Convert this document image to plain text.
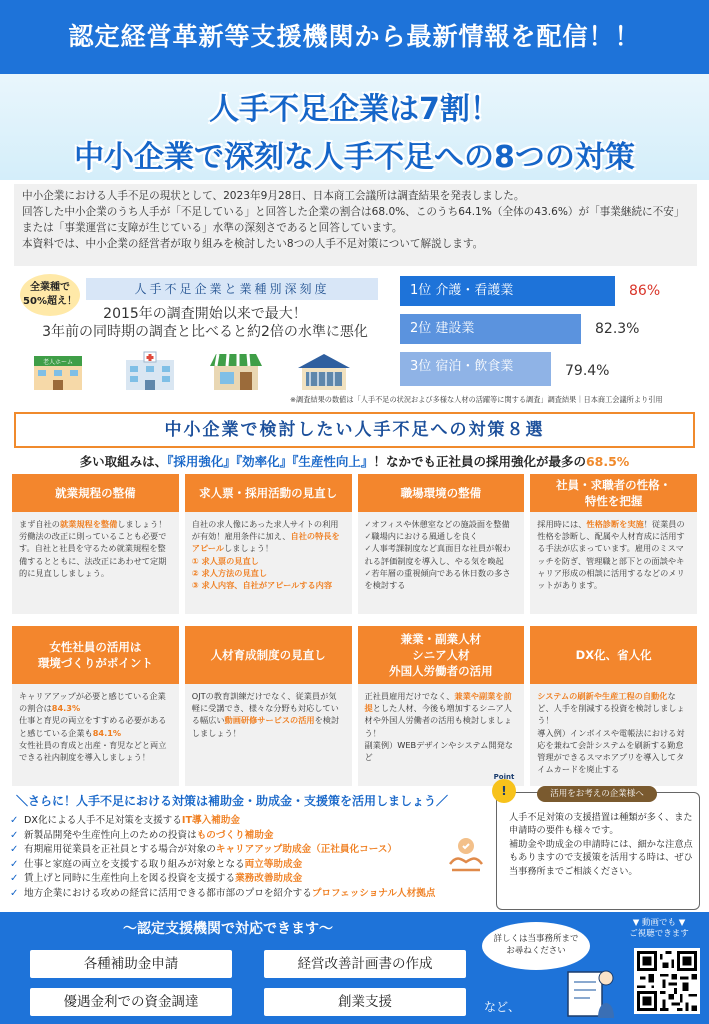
認定経営革新等支援機関から最新情報を配信！！
人手不足企業は7割！
中小企業で深刻な人手不足への8つの対策

中小企業における人手不足の現状として、2023年9月28日、日本商工会議所は調査結果を発表しました。

回答した中小企業のうち人手が「不足している」と回答した企業の割合は68.0%、このうち64.1%（全体の43.6%）が「事業継続に不安」または「事業運営に支障が生じている」水準の深刻さであると回答しています。

本資料では、中小企業の経営者が取り組みを検討したい8つの人手不足対策について解説します。

全業種で
50%超え！
人手不足企業と業種別深刻度
2015年の調査開始以来で最大！
3年前の同時期の調査と比べると約2倍の水準に悪化
老人ホーム
1位 介護・看護業	86%
2位 建設業	82.3%
3位 宿泊・飲食業	79.4%
※調査結果の数値は「人手不足の状況および多様な人材の活躍等に関する調査」調査結果｜日本商工会議所より引用
中小企業で検討したい人手不足への対策８選
多い取組みは、『採用強化』『効率化』『生産性向上』！なかでも正社員の採用強化が最多の68.5%
就業規程の整備	求人票・採用活動の見直し	職場環境の整備
社員・求職者の性格・
特性を把握

まず自社の就業規程を整備しましょう！

労働法の改正に則っていることも必要です。自社と社員を守るため就業規程を整備するとともに、法改正にあわせて定期的に見直ししましょう。

自社の求人像にあった求人サイトの利用が有効！雇用条件に加え、自社の特長をアピールしましょう！

① 求人票の見直し

② 求人方法の見直し

③ 求人内容、自社がアピールする内容

✓ オフィスや休憩室などの施設面を整備
✓ 職場内における風通しを良く
✓ 人事考課制度など真面目な社員が報われる評価制度を導入し、やる気を喚起
✓ 若年層の重視傾向である休日数の多さを検討する

採用時には、性格診断を実施！従業員の性格を診断し、配属や人材育成に活用する手法が広まっています。雇用のミスマッチを防ぎ、管理職と部下との面談やキャリア形成の相談に活用するなどのメリットがあります。

女性社員の活用は
環境づくりがポイント
人材育成制度の見直し
兼業・副業人材
シニア人材
外国人労働者の活用
DX化、省人化

キャリアアップが必要と感じている企業の割合は84.3%

仕事と育児の両立をすすめる必要があると感じている企業も84.1%

女性社員の育成と出産・育児などと両立できる社内制度を導入しましょう！

OJTの教育訓練だけでなく、従業員が気軽に受講でき、様々な分野も対応している幅広い動画研修サービスの活用を検討しましょう！

正社員雇用だけでなく、兼業や副業を前提とした人材、今後も増加するシニア人材や外国人労働者の活用も検討しましょう！

副業例）WEBデザインやシステム開発など

システムの刷新や生産工程の自動化など、人手を削減する投資を検討しましょう！

導入例）インボイスや電帳法における対応を兼ねて会計システムを刷新する勤怠管理ができるスマホアプリを導入してタイムカードを廃止する

＼さらに！人手不足における対策は補助金・助成金・支援策を活用しましょう／
✓ DX化による人手不足対策を支援するIT導入補助金
✓ 新製品開発や生産性向上のための投資はものづくり補助金
✓ 有期雇用従業員を正社員とする場合が対象のキャリアアップ助成金（正社員化コース）
✓ 仕事と家庭の両立を支援する取り組みが対象となる両立等助成金
✓ 賃上げと同時に生産性向上を図る投資を支援する業務改善助成金
✓ 地方企業における攻めの経営に活用できる都市部のプロを紹介するプロフェッショナル人材拠点
!
Point
活用をお考えの企業様へ

人手不足対策の支援措置は種類が多く、また申請時の要件も様々です。

補助金や助成金の申請時には、細かな注意点もありますので支援策を活用する時は、ぜひ当事務所までご相談ください。

〜認定支援機関で対応できます〜
各種補助金申請	経営改善計画書の作成
優遇金利での資金調達	創業支援	など、
詳しくは当事務所まで
お尋ねください
▼ 動画でも ▼
ご視聴できます
